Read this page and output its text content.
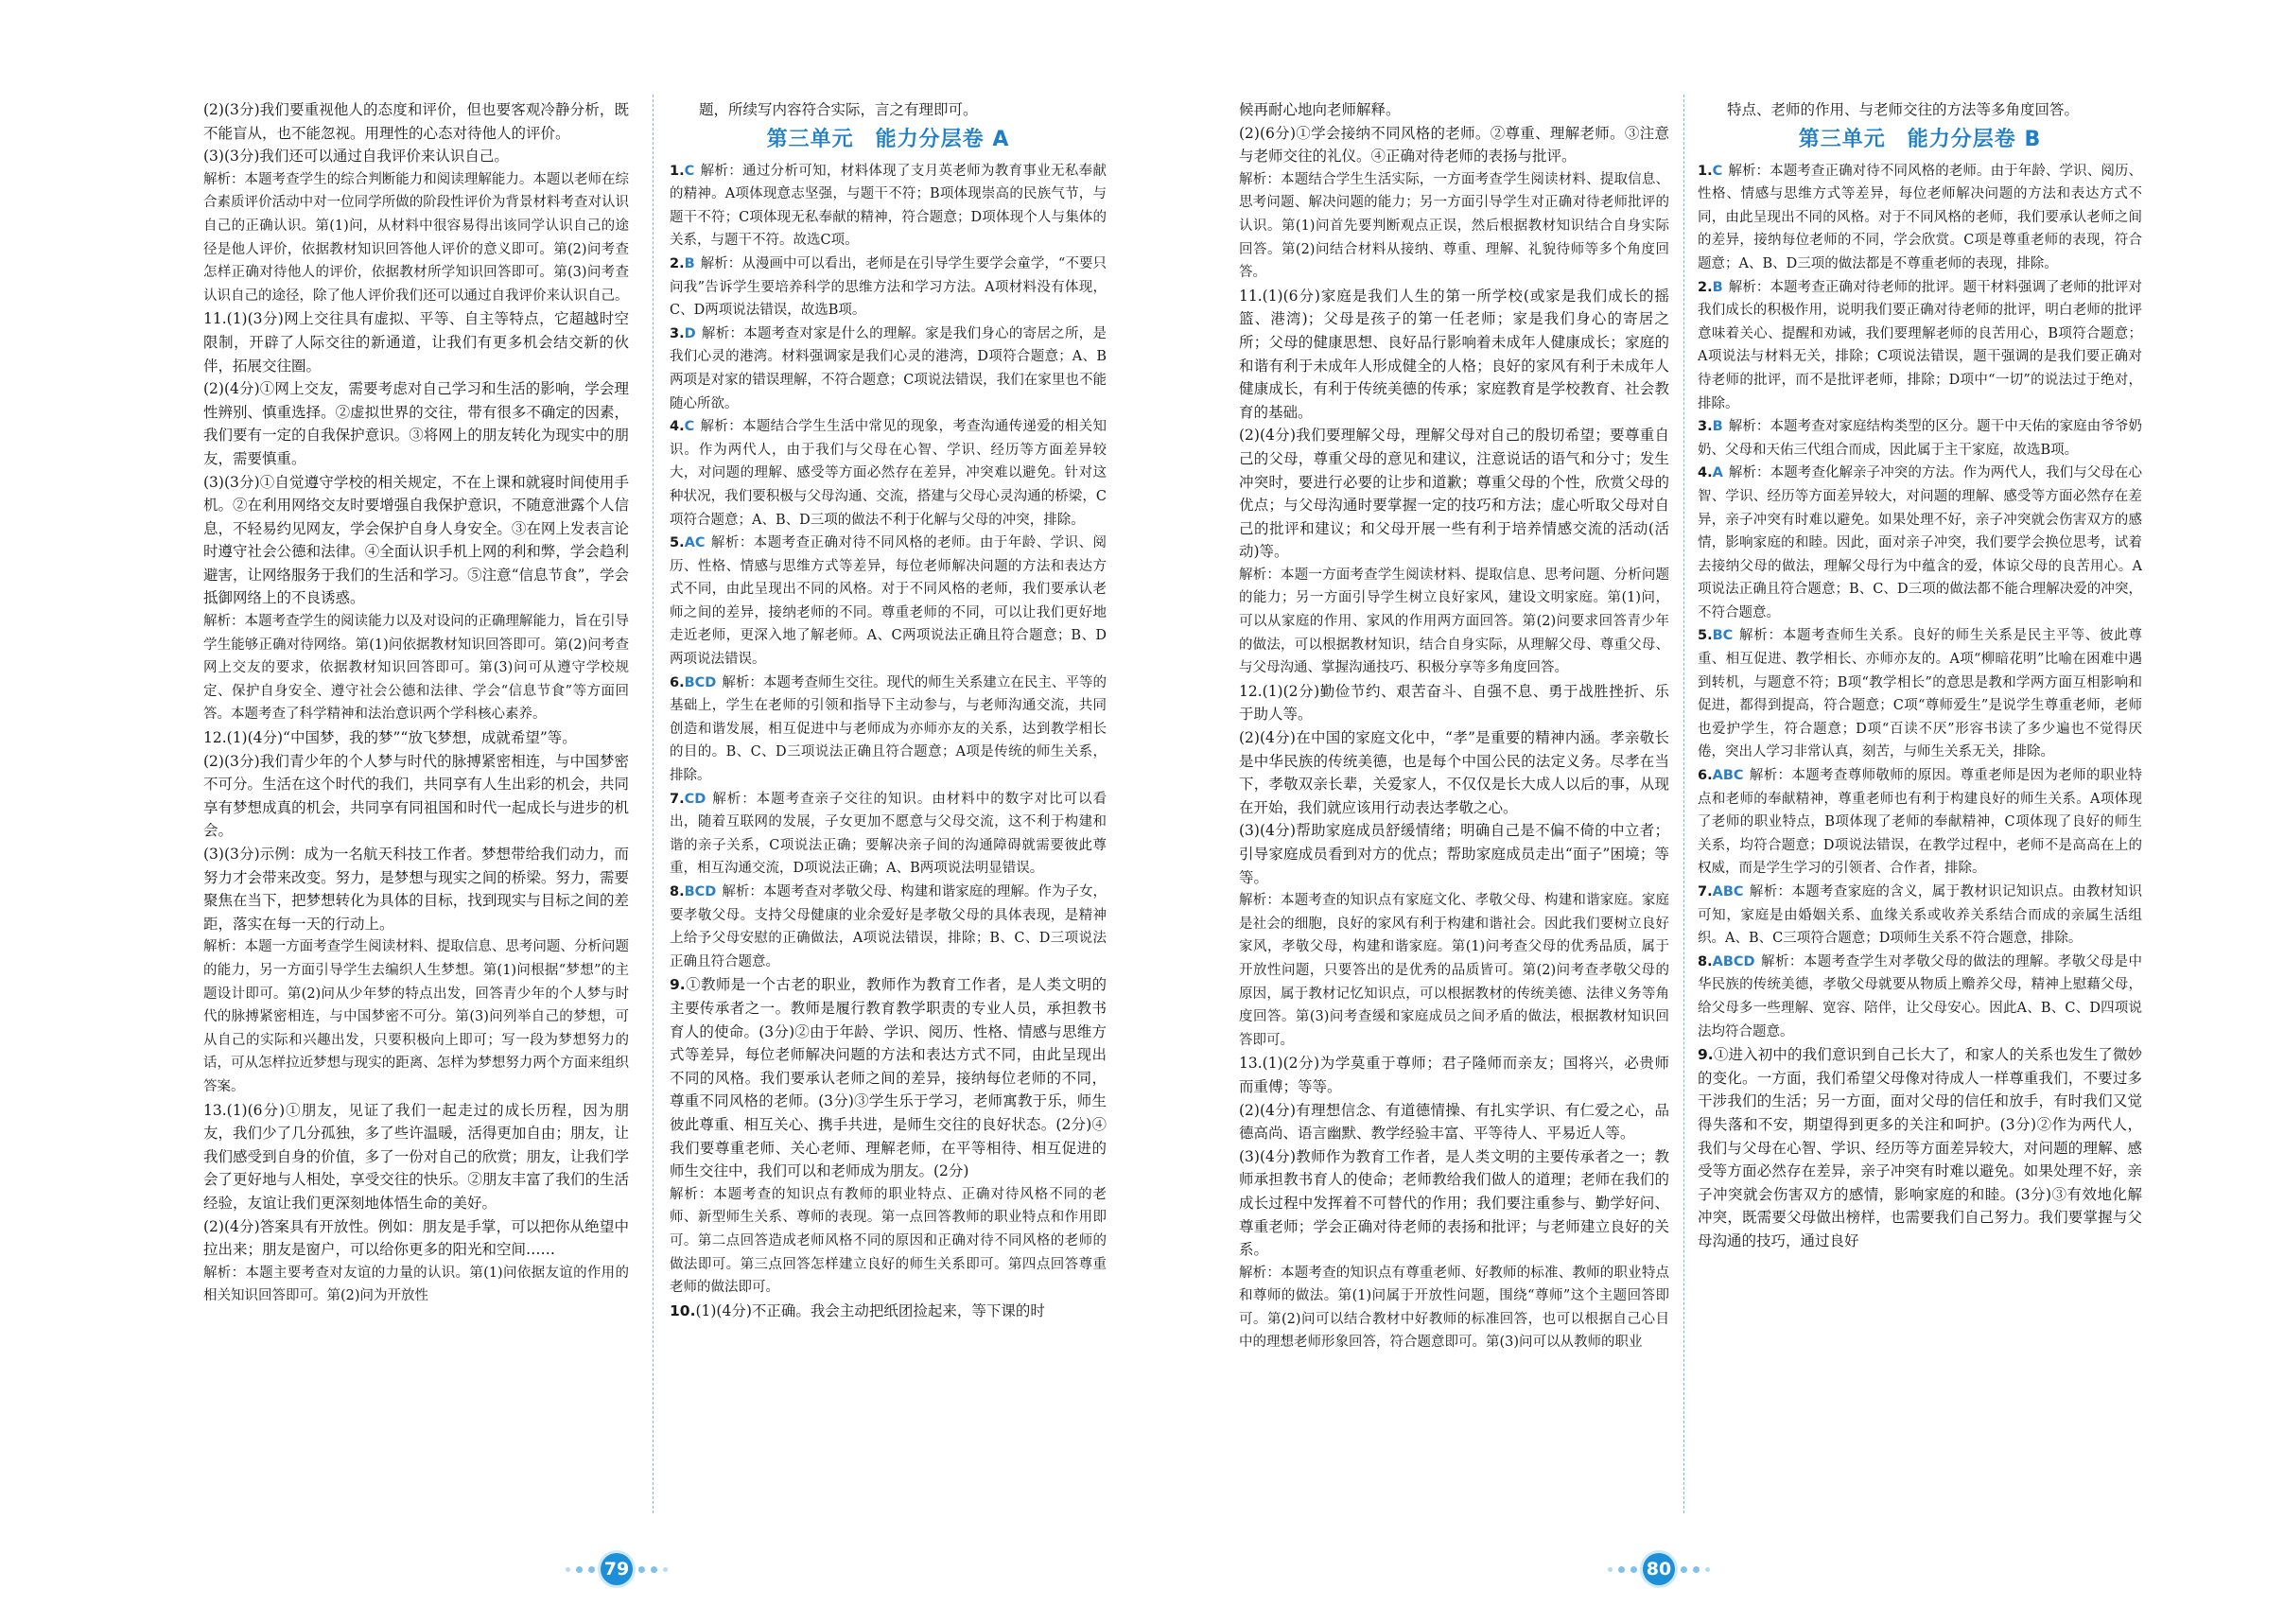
(2)(3分)我们要重视他人的态度和评价，但也要客观冷静分析，既不能盲从，也不能忽视。用理性的心态对待他人的评价。

(3)(3分)我们还可以通过自我评价来认识自己。

解析：本题考查学生的综合判断能力和阅读理解能力。本题以老师在综合素质评价活动中对一位同学所做的阶段性评价为背景材料考查对认识自己的正确认识。第(1)问，从材料中很容易得出该同学认识自己的途径是他人评价，依据教材知识回答他人评价的意义即可。第(2)问考查怎样正确对待他人的评价，依据教材所学知识回答即可。第(3)问考查认识自己的途径，除了他人评价我们还可以通过自我评价来认识自己。

11.(1)(3分)网上交往具有虚拟、平等、自主等特点，它超越时空限制，开辟了人际交往的新通道，让我们有更多机会结交新的伙伴，拓展交往圈。

(2)(4分)①网上交友，需要考虑对自己学习和生活的影响，学会理性辨别、慎重选择。②虚拟世界的交往，带有很多不确定的因素，我们要有一定的自我保护意识。③将网上的朋友转化为现实中的朋友，需要慎重。

(3)(3分)①自觉遵守学校的相关规定，不在上课和就寝时间使用手机。②在利用网络交友时要增强自我保护意识，不随意泄露个人信息，不轻易约见网友，学会保护自身人身安全。③在网上发表言论时遵守社会公德和法律。④全面认识手机上网的利和弊，学会趋利避害，让网络服务于我们的生活和学习。⑤注意“信息节食”，学会抵御网络上的不良诱惑。

解析：本题考查学生的阅读能力以及对设问的正确理解能力，旨在引导学生能够正确对待网络。第(1)问依据教材知识回答即可。第(2)问考查网上交友的要求，依据教材知识回答即可。第(3)问可从遵守学校规定、保护自身安全、遵守社会公德和法律、学会“信息节食”等方面回答。本题考查了科学精神和法治意识两个学科核心素养。

12.(1)(4分)“中国梦，我的梦”“放飞梦想，成就希望”等。

(2)(3分)我们青少年的个人梦与时代的脉搏紧密相连，与中国梦密不可分。生活在这个时代的我们，共同享有人生出彩的机会，共同享有梦想成真的机会，共同享有同祖国和时代一起成长与进步的机会。

(3)(3分)示例：成为一名航天科技工作者。梦想带给我们动力，而努力才会带来改变。努力，是梦想与现实之间的桥梁。努力，需要聚焦在当下，把梦想转化为具体的目标，找到现实与目标之间的差距，落实在每一天的行动上。

解析：本题一方面考查学生阅读材料、提取信息、思考问题、分析问题的能力，另一方面引导学生去编织人生梦想。第(1)问根据“梦想”的主题设计即可。第(2)问从少年梦的特点出发，回答青少年的个人梦与时代的脉搏紧密相连，与中国梦密不可分。第(3)问列举自己的梦想，可从自己的实际和兴趣出发，只要积极向上即可；写一段为梦想努力的话，可从怎样拉近梦想与现实的距离、怎样为梦想努力两个方面来组织答案。

13.(1)(6分)①朋友，见证了我们一起走过的成长历程，因为朋友，我们少了几分孤独，多了些许温暖，活得更加自由；朋友，让我们感受到自身的价值，多了一份对自己的欣赏；朋友，让我们学会了更好地与人相处，享受交往的快乐。②朋友丰富了我们的生活经验，友谊让我们更深刻地体悟生命的美好。

(2)(4分)答案具有开放性。例如：朋友是手掌，可以把你从绝望中拉出来；朋友是窗户，可以给你更多的阳光和空间……

解析：本题主要考查对友谊的力量的认识。第(1)问依据友谊的作用的相关知识回答即可。第(2)问为开放性

题，所续写内容符合实际，言之有理即可。

第三单元　能力分层卷 A

1.C 解析：通过分析可知，材料体现了支月英老师为教育事业无私奉献的精神。A项体现意志坚强，与题干不符；B项体现崇高的民族气节，与题干不符；C项体现无私奉献的精神，符合题意；D项体现个人与集体的关系，与题干不符。故选C项。

2.B 解析：从漫画中可以看出，老师是在引导学生要学会童学，“不要只问我”告诉学生要培养科学的思维方法和学习方法。A项材料没有体现，C、D两项说法错误，故选B项。

3.D 解析：本题考查对家是什么的理解。家是我们身心的寄居之所，是我们心灵的港湾。材料强调家是我们心灵的港湾，D项符合题意；A、B两项是对家的错误理解，不符合题意；C项说法错误，我们在家里也不能随心所欲。

4.C 解析：本题结合学生生活中常见的现象，考查沟通传递爱的相关知识。作为两代人，由于我们与父母在心智、学识、经历等方面差异较大，对问题的理解、感受等方面必然存在差异，冲突难以避免。针对这种状况，我们要积极与父母沟通、交流，搭建与父母心灵沟通的桥梁，C项符合题意；A、B、D三项的做法不利于化解与父母的冲突，排除。

5.AC 解析：本题考查正确对待不同风格的老师。由于年龄、学识、阅历、性格、情感与思维方式等差异，每位老师解决问题的方法和表达方式不同，由此呈现出不同的风格。对于不同风格的老师，我们要承认老师之间的差异，接纳老师的不同。尊重老师的不同，可以让我们更好地走近老师，更深入地了解老师。A、C两项说法正确且符合题意；B、D两项说法错误。

6.BCD 解析：本题考查师生交往。现代的师生关系建立在民主、平等的基础上，学生在老师的引领和指导下主动参与，与老师沟通交流，共同创造和谐发展，相互促进中与老师成为亦师亦友的关系，达到教学相长的目的。B、C、D三项说法正确且符合题意；A项是传统的师生关系，排除。

7.CD 解析：本题考查亲子交往的知识。由材料中的数字对比可以看出，随着互联网的发展，子女更加不愿意与父母交流，这不利于构建和谐的亲子关系，C项说法正确；要解决亲子间的沟通障碍就需要彼此尊重，相互沟通交流，D项说法正确；A、B两项说法明显错误。

8.BCD 解析：本题考查对孝敬父母、构建和谐家庭的理解。作为子女，要孝敬父母。支持父母健康的业余爱好是孝敬父母的具体表现，是精神上给予父母安慰的正确做法，A项说法错误，排除；B、C、D三项说法正确且符合题意。

9.①教师是一个古老的职业，教师作为教育工作者，是人类文明的主要传承者之一。教师是履行教育教学职责的专业人员，承担教书育人的使命。(3分)②由于年龄、学识、阅历、性格、情感与思维方式等差异，每位老师解决问题的方法和表达方式不同，由此呈现出不同的风格。我们要承认老师之间的差异，接纳每位老师的不同，尊重不同风格的老师。(3分)③学生乐于学习，老师寓教于乐，师生彼此尊重、相互关心、携手共进，是师生交往的良好状态。(2分)④我们要尊重老师、关心老师、理解老师，在平等相待、相互促进的师生交往中，我们可以和老师成为朋友。(2分)

解析：本题考查的知识点有教师的职业特点、正确对待风格不同的老师、新型师生关系、尊师的表现。第一点回答教师的职业特点和作用即可。第二点回答造成老师风格不同的原因和正确对待不同风格的老师的做法即可。第三点回答怎样建立良好的师生关系即可。第四点回答尊重老师的做法即可。

10.(1)(4分)不正确。我会主动把纸团捡起来，等下课的时

候再耐心地向老师解释。

(2)(6分)①学会接纳不同风格的老师。②尊重、理解老师。③注意与老师交往的礼仪。④正确对待老师的表扬与批评。

解析：本题结合学生生活实际，一方面考查学生阅读材料、提取信息、思考问题、解决问题的能力；另一方面引导学生对正确对待老师批评的认识。第(1)问首先要判断观点正误，然后根据教材知识结合自身实际回答。第(2)问结合材料从接纳、尊重、理解、礼貌待师等多个角度回答。

11.(1)(6分)家庭是我们人生的第一所学校(或家是我们成长的摇篮、港湾)；父母是孩子的第一任老师；家是我们身心的寄居之所；父母的健康思想、良好品行影响着未成年人健康成长；家庭的和谐有利于未成年人形成健全的人格；良好的家风有利于未成年人健康成长，有利于传统美德的传承；家庭教育是学校教育、社会教育的基础。

(2)(4分)我们要理解父母，理解父母对自己的殷切希望；要尊重自己的父母，尊重父母的意见和建议，注意说话的语气和分寸；发生冲突时，要进行必要的让步和道歉；尊重父母的个性，欣赏父母的优点；与父母沟通时要掌握一定的技巧和方法；虚心听取父母对自己的批评和建议；和父母开展一些有利于培养情感交流的活动(活动)等。

解析：本题一方面考查学生阅读材料、提取信息、思考问题、分析问题的能力；另一方面引导学生树立良好家风，建设文明家庭。第(1)问，可以从家庭的作用、家风的作用两方面回答。第(2)问要求回答青少年的做法，可以根据教材知识，结合自身实际，从理解父母、尊重父母、与父母沟通、掌握沟通技巧、积极分享等多角度回答。

12.(1)(2分)勤俭节约、艰苦奋斗、自强不息、勇于战胜挫折、乐于助人等。

(2)(4分)在中国的家庭文化中，“孝”是重要的精神内涵。孝亲敬长是中华民族的传统美德，也是每个中国公民的法定义务。尽孝在当下，孝敬双亲长辈，关爱家人，不仅仅是长大成人以后的事，从现在开始，我们就应该用行动表达孝敬之心。

(3)(4分)帮助家庭成员舒缓情绪；明确自己是不偏不倚的中立者；引导家庭成员看到对方的优点；帮助家庭成员走出“面子”困境；等等。

解析：本题考查的知识点有家庭文化、孝敬父母、构建和谐家庭。家庭是社会的细胞，良好的家风有利于构建和谐社会。因此我们要树立良好家风，孝敬父母，构建和谐家庭。第(1)问考查父母的优秀品质，属于开放性问题，只要答出的是优秀的品质皆可。第(2)问考查孝敬父母的原因，属于教材记忆知识点，可以根据教材的传统美德、法律义务等角度回答。第(3)问考查缓和家庭成员之间矛盾的做法，根据教材知识回答即可。

13.(1)(2分)为学莫重于尊师；君子隆师而亲友；国将兴，必贵师而重傅；等等。

(2)(4分)有理想信念、有道德情操、有扎实学识、有仁爱之心，品德高尚、语言幽默、教学经验丰富、平等待人、平易近人等。

(3)(4分)教师作为教育工作者，是人类文明的主要传承者之一；教师承担教书育人的使命；老师教给我们做人的道理；老师在我们的成长过程中发挥着不可替代的作用；我们要注重参与、勤学好问、尊重老师；学会正确对待老师的表扬和批评；与老师建立良好的关系。

解析：本题考查的知识点有尊重老师、好教师的标准、教师的职业特点和尊师的做法。第(1)问属于开放性问题，围绕“尊师”这个主题回答即可。第(2)问可以结合教材中好教师的标准回答，也可以根据自己心目中的理想老师形象回答，符合题意即可。第(3)问可以从教师的职业

特点、老师的作用、与老师交往的方法等多角度回答。

第三单元　能力分层卷 B

1.C 解析：本题考查正确对待不同风格的老师。由于年龄、学识、阅历、性格、情感与思维方式等差异，每位老师解决问题的方法和表达方式不同，由此呈现出不同的风格。对于不同风格的老师，我们要承认老师之间的差异，接纳每位老师的不同，学会欣赏。C项是尊重老师的表现，符合题意；A、B、D三项的做法都是不尊重老师的表现，排除。

2.B 解析：本题考查正确对待老师的批评。题干材料强调了老师的批评对我们成长的积极作用，说明我们要正确对待老师的批评，明白老师的批评意味着关心、提醒和劝诫，我们要理解老师的良苦用心，B项符合题意；A项说法与材料无关，排除；C项说法错误，题干强调的是我们要正确对待老师的批评，而不是批评老师，排除；D项中“一切”的说法过于绝对，排除。

3.B 解析：本题考查对家庭结构类型的区分。题干中天佑的家庭由爷爷奶奶、父母和天佑三代组合而成，因此属于主干家庭，故选B项。

4.A 解析：本题考查化解亲子冲突的方法。作为两代人，我们与父母在心智、学识、经历等方面差异较大，对问题的理解、感受等方面必然存在差异，亲子冲突有时难以避免。如果处理不好，亲子冲突就会伤害双方的感情，影响家庭的和睦。因此，面对亲子冲突，我们要学会换位思考，试着去接纳父母的做法，理解父母行为中蕴含的爱，体谅父母的良苦用心。A项说法正确且符合题意；B、C、D三项的做法都不能合理解决爱的冲突，不符合题意。

5.BC 解析：本题考查师生关系。良好的师生关系是民主平等、彼此尊重、相互促进、教学相长、亦师亦友的。A项“柳暗花明”比喻在困难中遇到转机，与题意不符；B项“教学相长”的意思是教和学两方面互相影响和促进，都得到提高，符合题意；C项“尊师爱生”是说学生尊重老师，老师也爱护学生，符合题意；D项“百读不厌”形容书读了多少遍也不觉得厌倦，突出人学习非常认真，刻苦，与师生关系无关，排除。

6.ABC 解析：本题考查尊师敬师的原因。尊重老师是因为老师的职业特点和老师的奉献精神，尊重老师也有利于构建良好的师生关系。A项体现了老师的职业特点，B项体现了老师的奉献精神，C项体现了良好的师生关系，均符合题意；D项说法错误，在教学过程中，老师不是高高在上的权威，而是学生学习的引领者、合作者，排除。

7.ABC 解析：本题考查家庭的含义，属于教材识记知识点。由教材知识可知，家庭是由婚姻关系、血缘关系或收养关系结合而成的亲属生活组织。A、B、C三项符合题意；D项师生关系不符合题意，排除。

8.ABCD 解析：本题考查学生对孝敬父母的做法的理解。孝敬父母是中华民族的传统美德，孝敬父母就要从物质上赡养父母，精神上慰藉父母，给父母多一些理解、宽容、陪伴，让父母安心。因此A、B、C、D四项说法均符合题意。

9.①进入初中的我们意识到自己长大了，和家人的关系也发生了微妙的变化。一方面，我们希望父母像对待成人一样尊重我们，不要过多干涉我们的生活；另一方面，面对父母的信任和放手，有时我们又觉得失落和不安，期望得到更多的关注和呵护。(3分)②作为两代人，我们与父母在心智、学识、经历等方面差异较大，对问题的理解、感受等方面必然存在差异，亲子冲突有时难以避免。如果处理不好，亲子冲突就会伤害双方的感情，影响家庭的和睦。(3分)③有效地化解冲突，既需要父母做出榜样，也需要我们自己努力。我们要掌握与父母沟通的技巧，通过良好

79	80
